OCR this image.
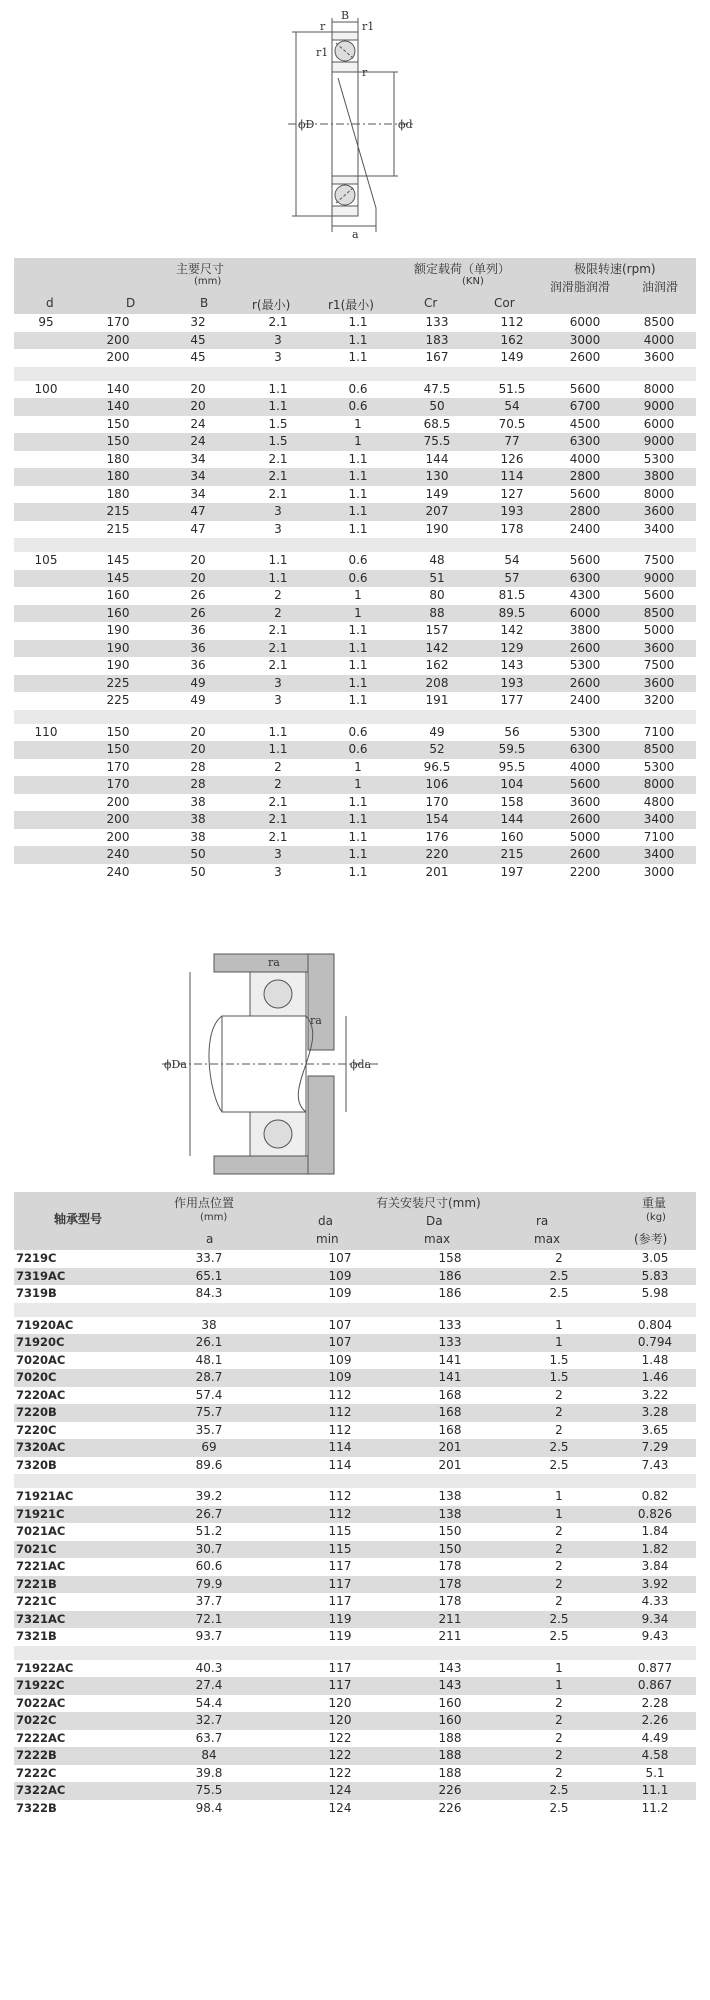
B
r	r1
r1
r
ϕD	ϕd
a
主要尺寸
(mm)
额定载荷（单列）
(KN)
极限转速(rpm)
润滑脂润滑	油润滑
d	D	B	r(最小)	r1(最小)	Cr	Cor
95	170	32	2.1	1.1	133	112	6000	8500
	200	45	3	1.1	183	162	3000	4000
	200	45	3	1.1	167	149	2600	3600

100	140	20	1.1	0.6	47.5	51.5	5600	8000
	140	20	1.1	0.6	50	54	6700	9000
	150	24	1.5	1	68.5	70.5	4500	6000
	150	24	1.5	1	75.5	77	6300	9000
	180	34	2.1	1.1	144	126	4000	5300
	180	34	2.1	1.1	130	114	2800	3800
	180	34	2.1	1.1	149	127	5600	8000
	215	47	3	1.1	207	193	2800	3600
	215	47	3	1.1	190	178	2400	3400

105	145	20	1.1	0.6	48	54	5600	7500
	145	20	1.1	0.6	51	57	6300	9000
	160	26	2	1	80	81.5	4300	5600
	160	26	2	1	88	89.5	6000	8500
	190	36	2.1	1.1	157	142	3800	5000
	190	36	2.1	1.1	142	129	2600	3600
	190	36	2.1	1.1	162	143	5300	7500
	225	49	3	1.1	208	193	2600	3600
	225	49	3	1.1	191	177	2400	3200

110	150	20	1.1	0.6	49	56	5300	7100
	150	20	1.1	0.6	52	59.5	6300	8500
	170	28	2	1	96.5	95.5	4000	5300
	170	28	2	1	106	104	5600	8000
	200	38	2.1	1.1	170	158	3600	4800
	200	38	2.1	1.1	154	144	2600	3400
	200	38	2.1	1.1	176	160	5000	7100
	240	50	3	1.1	220	215	2600	3400
	240	50	3	1.1	201	197	2200	3000
ra
ra
ϕDa	ϕda
轴承型号
作用点位置
(mm)
a
有关安装尺寸(mm)
da
min
Da
max
ra
max
重量
(kg)
(参考)
7219C	33.7	107	158	2	3.05
7319AC	65.1	109	186	2.5	5.83
7319B	84.3	109	186	2.5	5.98

71920AC	38	107	133	1	0.804
71920C	26.1	107	133	1	0.794
7020AC	48.1	109	141	1.5	1.48
7020C	28.7	109	141	1.5	1.46
7220AC	57.4	112	168	2	3.22
7220B	75.7	112	168	2	3.28
7220C	35.7	112	168	2	3.65
7320AC	69	114	201	2.5	7.29
7320B	89.6	114	201	2.5	7.43

71921AC	39.2	112	138	1	0.82
71921C	26.7	112	138	1	0.826
7021AC	51.2	115	150	2	1.84
7021C	30.7	115	150	2	1.82
7221AC	60.6	117	178	2	3.84
7221B	79.9	117	178	2	3.92
7221C	37.7	117	178	2	4.33
7321AC	72.1	119	211	2.5	9.34
7321B	93.7	119	211	2.5	9.43

71922AC	40.3	117	143	1	0.877
71922C	27.4	117	143	1	0.867
7022AC	54.4	120	160	2	2.28
7022C	32.7	120	160	2	2.26
7222AC	63.7	122	188	2	4.49
7222B	84	122	188	2	4.58
7222C	39.8	122	188	2	5.1
7322AC	75.5	124	226	2.5	11.1
7322B	98.4	124	226	2.5	11.2
